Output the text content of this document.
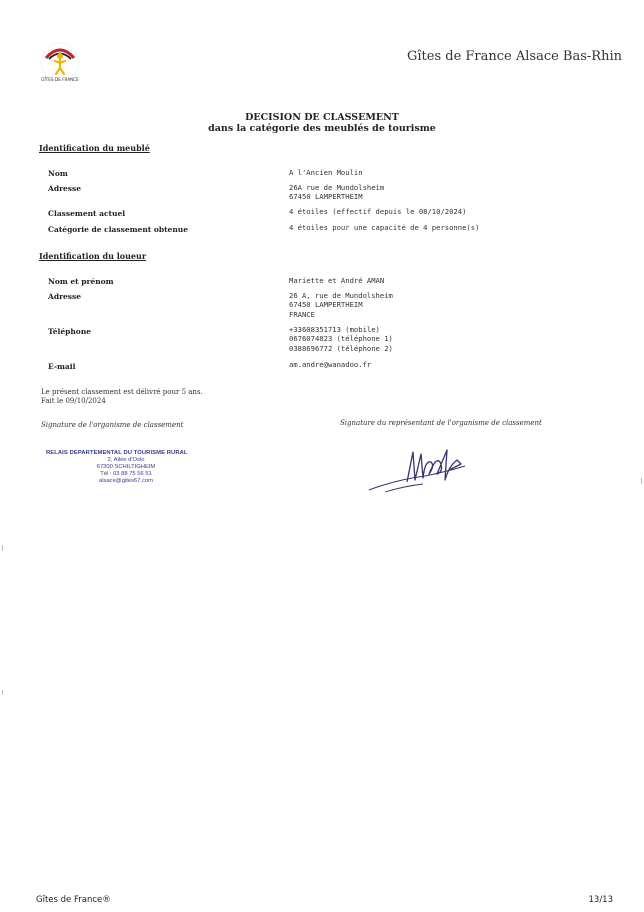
GÎTES DE FRANCE
Gîtes de France Alsace Bas-Rhin
DECISION DE CLASSEMENT
dans la catégorie des meublés de tourisme
Identification du meublé
Nom	A l'Ancien Moulin
Adresse	26A rue de Mundolsheim
67450 LAMPERTHEIM
Classement actuel	4 étoiles (effectif depuis le 08/10/2024)
Catégorie de classement obtenue	4 étoiles pour une capacité de 4 personne(s)
Identification du loueur
Nom et prénom	Mariette et André AMAN
Adresse	26 A, rue de Mundolsheim
67450 LAMPERTHEIM
FRANCE
Téléphone	+33608351713 (mobile)
0676074823 (téléphone 1)
0388696772 (téléphone 2)
E-mail	am.andre@wanadoo.fr
Le présent classement est délivré pour 5 ans.
Fait le 09/10/2024
Signature de l'organisme de classement	Signature du représentant de l'organisme de classement
RELAIS DEPARTEMENTAL DU TOURISME RURAL
2, Allée d'Oslo
67300 SCHILTIGHEIM
Tél : 03 88 75 56 51
alsace@gites67.com
Gîtes de France®	13/13
